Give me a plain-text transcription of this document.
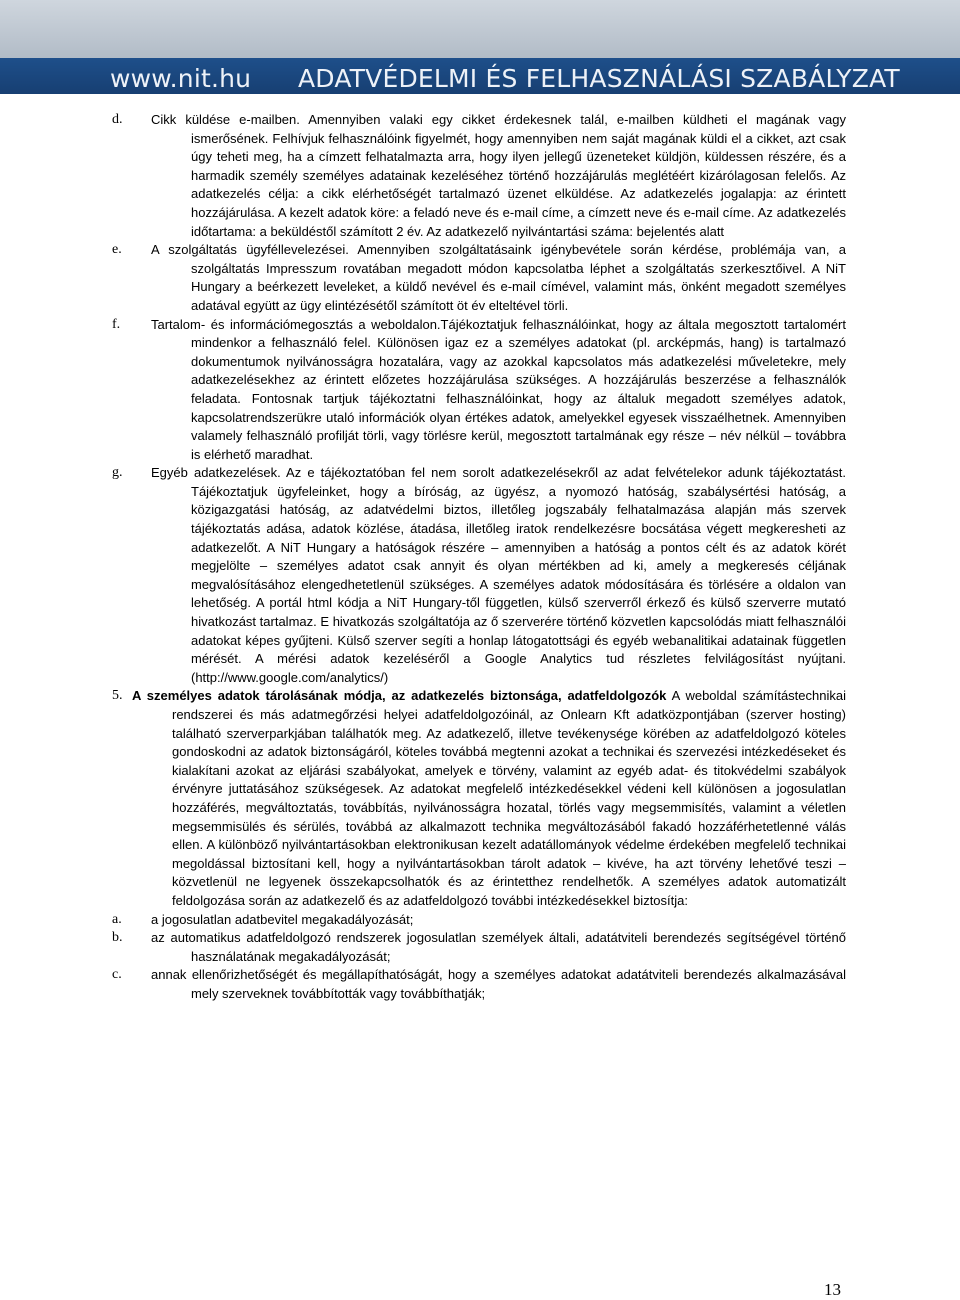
www.nit.hu ADATVÉDELMI ÉS FELHASZNÁLÁSI SZABÁLYZAT
d. Cikk küldése e-mailben. Amennyiben valaki egy cikket érdekesnek talál, e-mailben küldheti el magának vagy ismerősének. Felhívjuk felhasználóink figyelmét, hogy amennyiben nem saját magának küldi el a cikket, azt csak úgy teheti meg, ha a címzett felhatalmazta arra, hogy ilyen jellegű üzeneteket küldjön, küldessen részére, és a harmadik személy személyes adatainak kezeléséhez történő hozzájárulás meglétéért kizárólagosan felelős. Az adatkezelés célja: a cikk elérhetőségét tartalmazó üzenet elküldése. Az adatkezelés jogalapja: az érintett hozzájárulása. A kezelt adatok köre: a feladó neve és e-mail címe, a címzett neve és e-mail címe. Az adatkezelés időtartama: a beküldéstől számított 2 év. Az adatkezelő nyilvántartási száma: bejelentés alatt
e. A szolgáltatás ügyféllevelezései. Amennyiben szolgáltatásaink igénybevétele során kérdése, problémája van, a szolgáltatás Impresszum rovatában megadott módon kapcsolatba léphet a szolgáltatás szerkesztőivel. A NiT Hungary a beérkezett leveleket, a küldő nevével és e-mail címével, valamint más, önként megadott személyes adatával együtt az ügy elintézésétől számított öt év elteltével törli.
f. Tartalom- és információmegosztás a weboldalon.Tájékoztatjuk felhasználóinkat, hogy az általa megosztott tartalomért mindenkor a felhasználó felel. Különösen igaz ez a személyes adatokat (pl. arcképmás, hang) is tartalmazó dokumentumok nyilvánosságra hozatalára, vagy az azokkal kapcsolatos más adatkezelési műveletekre, mely adatkezelésekhez az érintett előzetes hozzájárulása szükséges. A hozzájárulás beszerzése a felhasználók feladata. Fontosnak tartjuk tájékoztatni felhasználóinkat, hogy az általuk megadott személyes adatok, kapcsolatrendszerükre utaló információk olyan értékes adatok, amelyekkel egyesek visszaélhetnek. Amennyiben valamely felhasználó profilját törli, vagy törlésre kerül, megosztott tartalmának egy része – név nélkül – továbbra is elérhető maradhat.
g. Egyéb adatkezelések. Az e tájékoztatóban fel nem sorolt adatkezelésekről az adat felvételekor adunk tájékoztatást. Tájékoztatjuk ügyfeleinket, hogy a bíróság, az ügyész, a nyomozó hatóság, szabálysértési hatóság, a közigazgatási hatóság, az adatvédelmi biztos, illetőleg jogszabály felhatalmazása alapján más szervek tájékoztatás adása, adatok közlése, átadása, illetőleg iratok rendelkezésre bocsátása végett megkeresheti az adatkezelőt. A NiT Hungary a hatóságok részére – amennyiben a hatóság a pontos célt és az adatok körét megjelölte – személyes adatot csak annyit és olyan mértékben ad ki, amely a megkeresés céljának megvalósításához elengedhetetlenül szükséges. A személyes adatok módosítására és törlésére a oldalon van lehetőség. A portál html kódja a NiT Hungary-től független, külső szerverről érkező és külső szerverre mutató hivatkozást tartalmaz. E hivatkozás szolgáltatója az ő szerverére történő közvetlen kapcsolódás miatt felhasználói adatokat képes gyűjteni. Külső szerver segíti a honlap látogatottsági és egyéb webanalitikai adatainak független mérését. A mérési adatok kezeléséről a Google Analytics tud részletes felvilágosítást nyújtani. (http://www.google.com/analytics/)
5. A személyes adatok tárolásának módja, az adatkezelés biztonsága, adatfeldolgozók A weboldal számítástechnikai rendszerei és más adatmegőrzési helyei adatfeldolgozóinál, az Onlearn Kft adatközpontjában (szerver hosting) található szerverparkjában találhatók meg. Az adatkezelő, illetve tevékenysége körében az adatfeldolgozó köteles gondoskodni az adatok biztonságáról, köteles továbbá megtenni azokat a technikai és szervezési intézkedéseket és kialakítani azokat az eljárási szabályokat, amelyek e törvény, valamint az egyéb adat- és titokvédelmi szabályok érvényre juttatásához szükségesek. Az adatokat megfelelő intézkedésekkel védeni kell különösen a jogosulatlan hozzáférés, megváltoztatás, továbbítás, nyilvánosságra hozatal, törlés vagy megsemmisítés, valamint a véletlen megsemmisülés és sérülés, továbbá az alkalmazott technika megváltozásából fakadó hozzáférhetetlenné válás ellen. A különböző nyilvántartásokban elektronikusan kezelt adatállományok védelme érdekében megfelelő technikai megoldással biztosítani kell, hogy a nyilvántartásokban tárolt adatok – kivéve, ha azt törvény lehetővé teszi – közvetlenül ne legyenek összekapcsolhatók és az érintetthez rendelhetők. A személyes adatok automatizált feldolgozása során az adatkezelő és az adatfeldolgozó további intézkedésekkel biztosítja:
a. a jogosulatlan adatbevitel megakadályozását;
b. az automatikus adatfeldolgozó rendszerek jogosulatlan személyek általi, adatátviteli berendezés segítségével történő használatának megakadályozását;
c. annak ellenőrizhetőségét és megállapíthatóságát, hogy a személyes adatokat adatátviteli berendezés alkalmazásával mely szerveknek továbbították vagy továbbíthatják;
13
